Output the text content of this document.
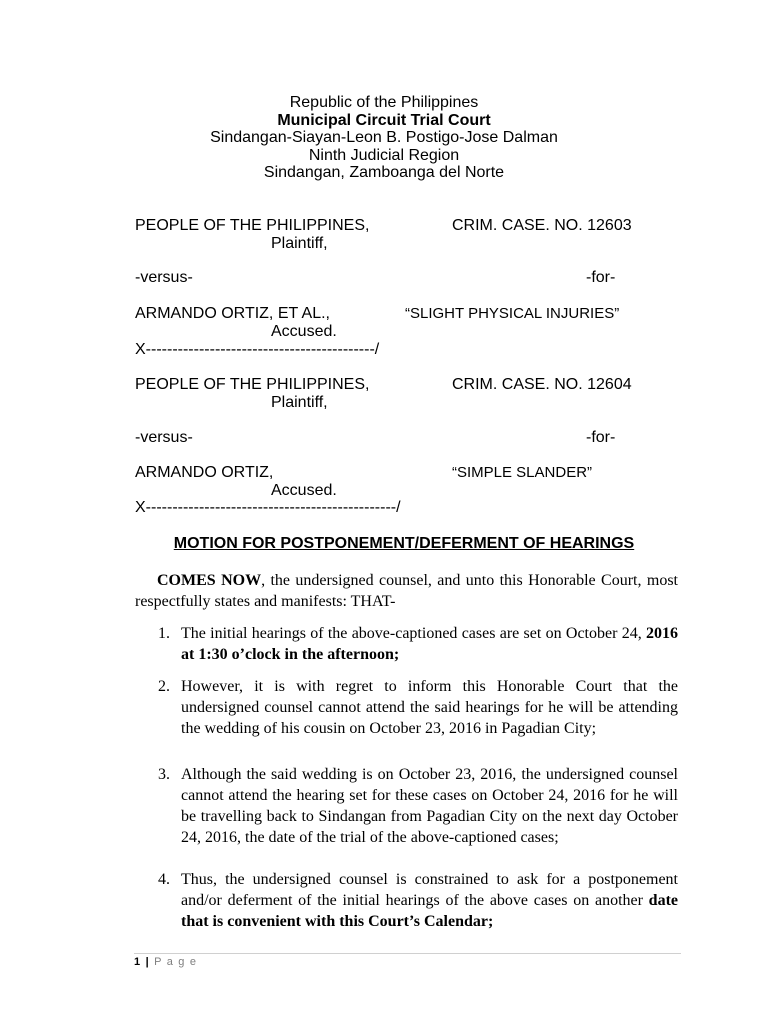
Republic of the Philippines
Municipal Circuit Trial Court
Sindangan-Siayan-Leon B. Postigo-Jose Dalman
Ninth Judicial Region
Sindangan, Zamboanga del Norte
PEOPLE OF THE PHILIPPINES,	CRIM. CASE. NO. 12603
Plaintiff,
-versus-	-for-
ARMANDO ORTIZ, ET AL.,	“SLIGHT PHYSICAL INJURIES”
Accused.
X-------------------------------------------/
PEOPLE OF THE PHILIPPINES,	CRIM. CASE. NO. 12604
Plaintiff,
-versus-	-for-
ARMANDO ORTIZ,	“SIMPLE SLANDER”
Accused.
X-----------------------------------------------/
MOTION FOR POSTPONEMENT/DEFERMENT OF HEARINGS
COMES NOW, the undersigned counsel, and unto this Honorable Court, most respectfully states and manifests: THAT-
1. The initial hearings of the above-captioned cases are set on October 24, 2016 at 1:30 o’clock in the afternoon;
2. However, it is with regret to inform this Honorable Court that the undersigned counsel cannot attend the said hearings for he will be attending the wedding of his cousin on October 23, 2016 in Pagadian City;
3. Although the said wedding is on October 23, 2016, the undersigned counsel cannot attend the hearing set for these cases on October 24, 2016 for he will be travelling back to Sindangan from Pagadian City on the next day October 24, 2016, the date of the trial of the above-captioned cases;
4. Thus, the undersigned counsel is constrained to ask for a postponement and/or deferment of the initial hearings of the above cases on another date that is convenient with this Court’s Calendar;
1 | P a g e
